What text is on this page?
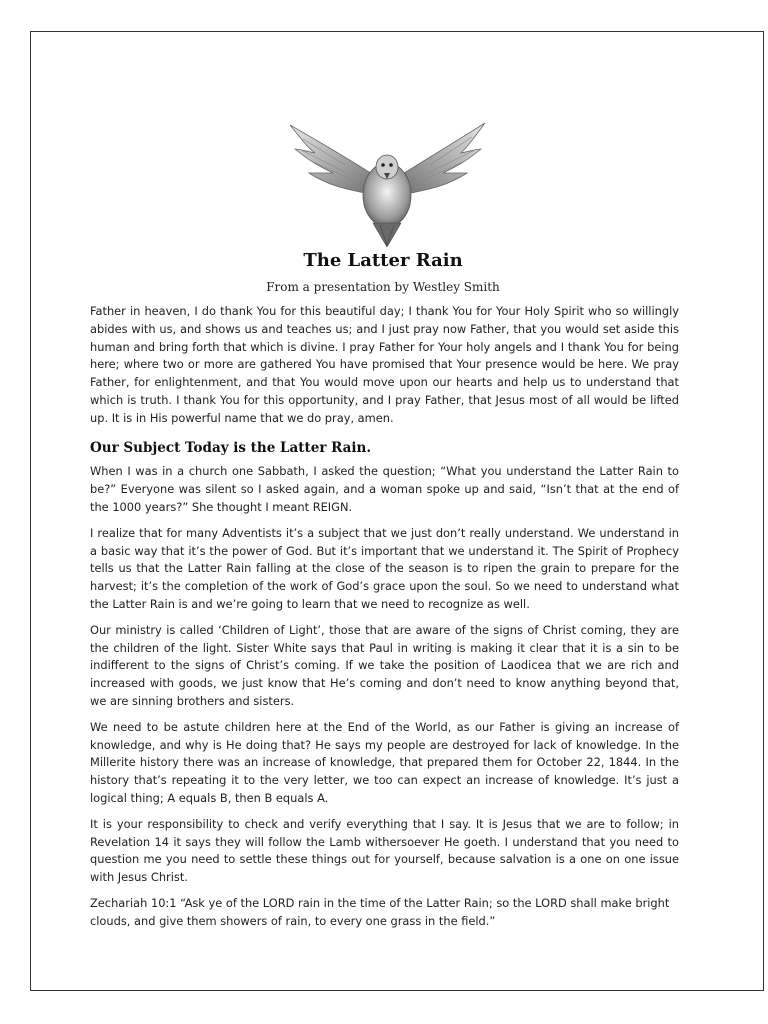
The Latter Rain
From a presentation by Westley Smith

Father in heaven, I do thank You for this beautiful day; I thank You for Your Holy Spirit who so willingly abides with us, and shows us and teaches us; and I just pray now Father, that you would set aside this human and bring forth that which is divine. I pray Father for Your holy angels and I thank You for being here; where two or more are gathered You have promised that Your presence would be here. We pray Father, for enlightenment, and that You would move upon our hearts and help us to understand that which is truth. I thank You for this opportunity, and I pray Father, that Jesus most of all would be lifted up. It is in His powerful name that we do pray, amen.

Our Subject Today is the Latter Rain.

When I was in a church one Sabbath, I asked the question; “What you understand the Latter Rain to be?” Everyone was silent so I asked again, and a woman spoke up and said, “Isn’t that at the end of the 1000 years?” She thought I meant REIGN.

I realize that for many Adventists it’s a subject that we just don’t really understand. We understand in a basic way that it’s the power of God. But it’s important that we understand it. The Spirit of Prophecy tells us that the Latter Rain falling at the close of the season is to ripen the grain to prepare for the harvest; it’s the completion of the work of God’s grace upon the soul. So we need to understand what the Latter Rain is and we’re going to learn that we need to recognize as well.

Our ministry is called ‘Children of Light’, those that are aware of the signs of Christ coming, they are the children of the light. Sister White says that Paul in writing is making it clear that it is a sin to be indifferent to the signs of Christ’s coming. If we take the position of Laodicea that we are rich and increased with goods, we just know that He’s coming and don’t need to know anything beyond that, we are sinning brothers and sisters.

We need to be astute children here at the End of the World, as our Father is giving an increase of knowledge, and why is He doing that? He says my people are destroyed for lack of knowledge. In the Millerite history there was an increase of knowledge, that prepared them for October 22, 1844. In the history that’s repeating it to the very letter, we too can expect an increase of knowledge. It’s just a logical thing; A equals B, then B equals A.

It is your responsibility to check and verify everything that I say. It is Jesus that we are to follow; in Revelation 14 it says they will follow the Lamb withersoever He goeth. I understand that you need to question me you need to settle these things out for yourself, because salvation is a one on one issue with Jesus Christ.

Zechariah 10:1 “Ask ye of the LORD rain in the time of the Latter Rain; so the LORD shall make bright clouds, and give them showers of rain, to every one grass in the field.”
